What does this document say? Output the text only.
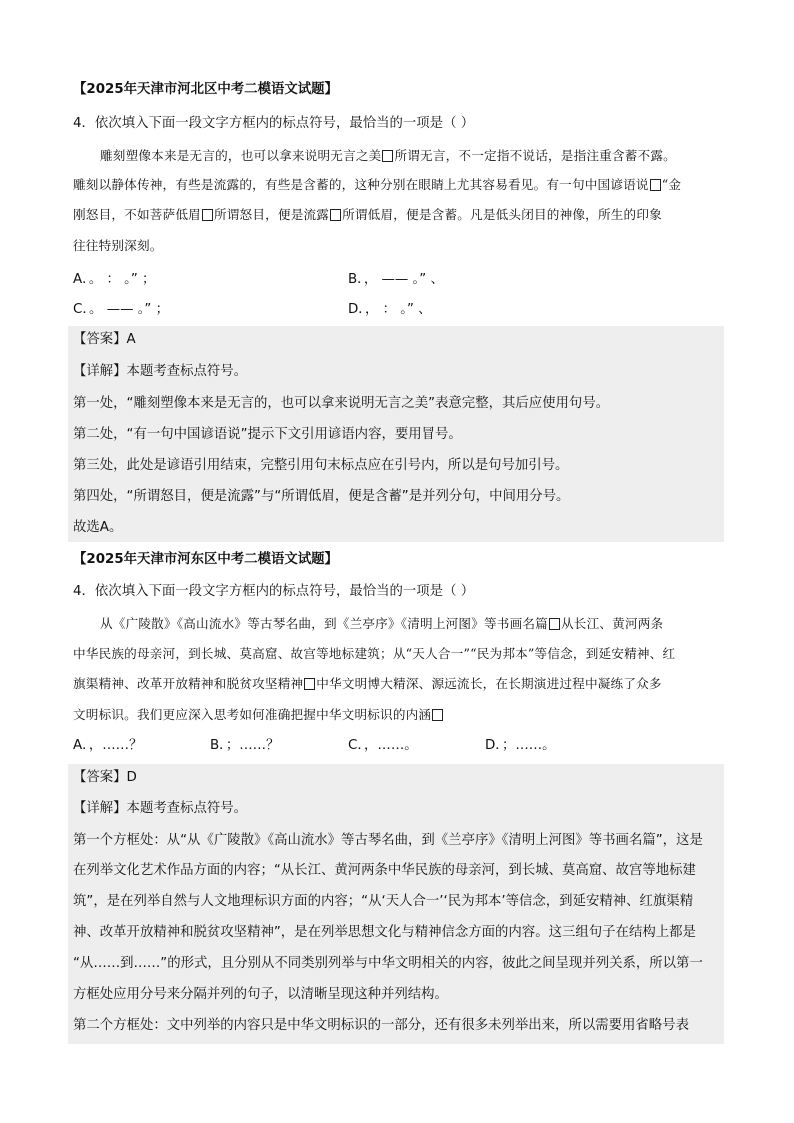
【2025年天津市河北区中考二模语文试题】
4．依次填入下面一段文字方框内的标点符号，最恰当的一项是（ ）
雕刻塑像本来是无言的，也可以拿来说明无言之美 所谓无言，不一定指不说话，是指注重含蓄不露。
雕刻以静体传神，有些是流露的，有些是含蓄的，这种分别在眼睛上尤其容易看见。有一句中国谚语说 “金
刚怒目，不如菩萨低眉 所谓怒目，便是流露 所谓低眉，便是含蓄。凡是低头闭目的神像，所生的印象
往往特别深刻。
A．。 ： 。” ；	B．， —— 。” 、
C．。 —— 。” ；	D．， ： 。” 、
【答案】A
【详解】本题考查标点符号。
第一处，“雕刻塑像本来是无言的，也可以拿来说明无言之美”表意完整，其后应使用句号。
第二处，“有一句中国谚语说”提示下文引用谚语内容，要用冒号。
第三处，此处是谚语引用结束，完整引用句末标点应在引号内，所以是句号加引号。
第四处，“所谓怒目，便是流露”与“所谓低眉，便是含蓄”是并列分句，中间用分号。
故选A。
【2025年天津市河东区中考二模语文试题】
4．依次填入下面一段文字方框内的标点符号，最恰当的一项是（ ）
从《广陵散》《高山流水》等古琴名曲，到《兰亭序》《清明上河图》等书画名篇 从长江、黄河两条
中华民族的母亲河，到长城、莫高窟、故宫等地标建筑；从“天人合一”“民为邦本”等信念，到延安精神、红
旗渠精神、改革开放精神和脱贫攻坚精神 中华文明博大精深、源远流长，在长期演进过程中凝练了众多
文明标识。我们更应深入思考如何准确把握中华文明标识的内涵
A．，……？	B．；……？	C．，……。	D．；……。
【答案】D
【详解】本题考查标点符号。
第一个方框处：从“从《广陵散》《高山流水》等古琴名曲，到《兰亭序》《清明上河图》等书画名篇”，这是
在列举文化艺术作品方面的内容；“从长江、黄河两条中华民族的母亲河，到长城、莫高窟、故宫等地标建
筑”，是在列举自然与人文地理标识方面的内容；“从‘天人合一’‘民为邦本’等信念，到延安精神、红旗渠精
神、改革开放精神和脱贫攻坚精神”，是在列举思想文化与精神信念方面的内容。这三组句子在结构上都是
“从……到……”的形式，且分别从不同类别列举与中华文明相关的内容，彼此之间呈现并列关系，所以第一
方框处应用分号来分隔并列的句子，以清晰呈现这种并列结构。
第二个方框处：文中列举的内容只是中华文明标识的一部分，还有很多未列举出来，所以需要用省略号表
